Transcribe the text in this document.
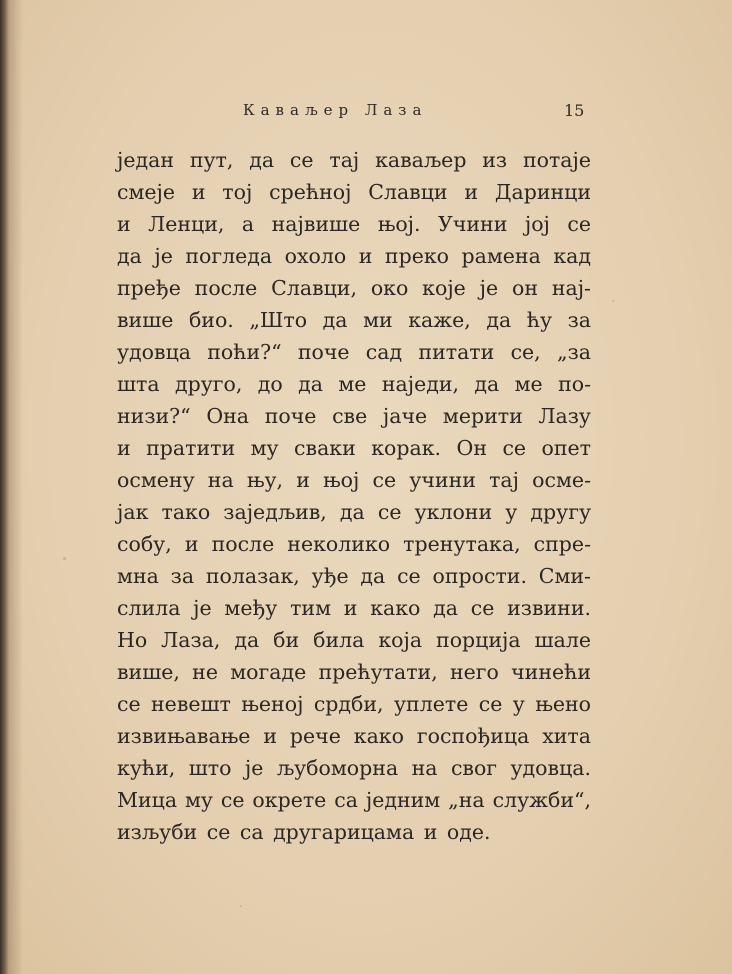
Каваљер Лаза	15
један пут, да се тај каваљер из потаје
смеје и тој срећној Славци и Даринци
и Ленци, а највише њој. Учини јој се
да је погледа охоло и преко рамена кад
пређе после Славци, око које је он нај-
више био. „Што да ми каже, да ћу за
удовца поћи?“ поче сад питати се, „за
шта друго, до да ме наједи, да ме по-
низи?“ Она поче све јаче мерити Лазу
и пратити му сваки корак. Он се опет
осмену на њу, и њој се учини тај осме-
јак тако заједљив, да се уклони у другу
собу, и после неколико тренутака, спре-
мна за полазак, уђе да се опрости. Сми-
слила је међу тим и како да се извини.
Но Лаза, да би била која порција шале
више, не могаде прећутати, него чинећи
се невешт њеној срдби, уплете се у њено
извињавање и рече како госпођица хита
кући, што је љубоморна на свог удовца.
Мица му се окрете са једним „на служби“,
изљуби се са другарицама и оде.
